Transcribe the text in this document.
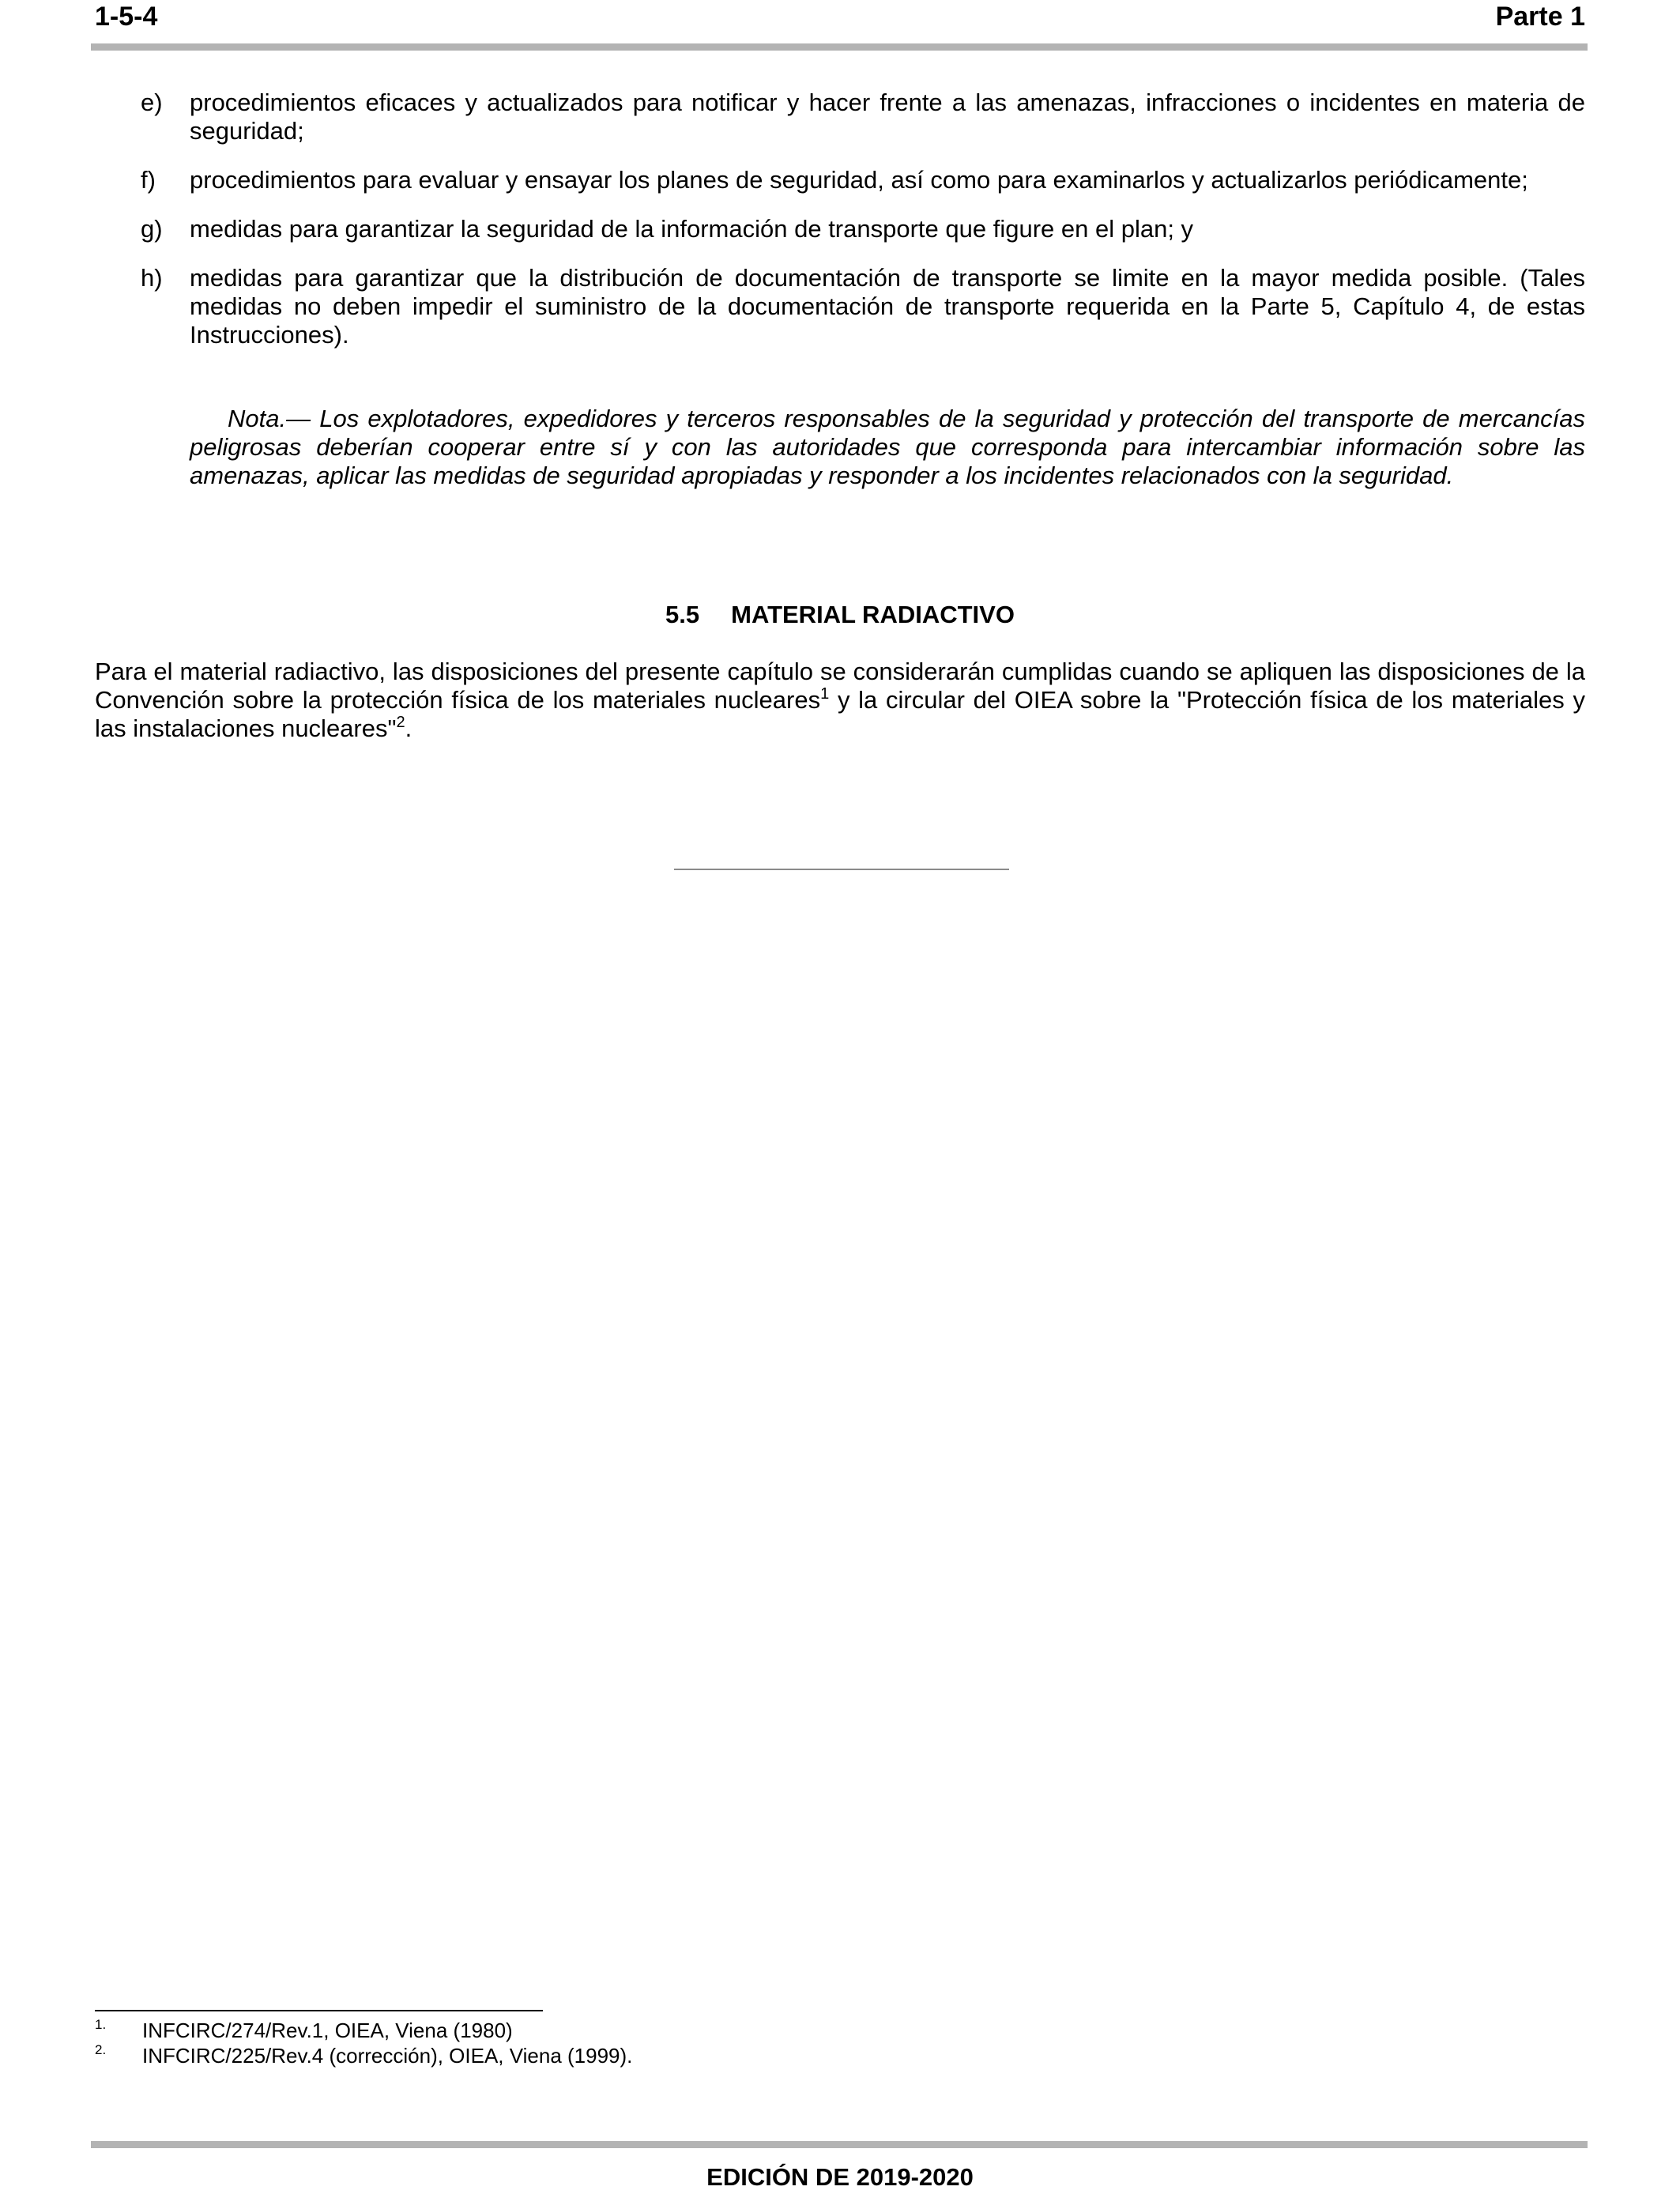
1-5-4	Parte 1
e)	procedimientos eficaces y actualizados para notificar y hacer frente a las amenazas, infracciones o incidentes en materia de seguridad;
f)	procedimientos para evaluar y ensayar los planes de seguridad, así como para examinarlos y actualizarlos periódicamente;
g)	medidas para garantizar la seguridad de la información de transporte que figure en el plan; y
h)	medidas para garantizar que la distribución de documentación de transporte se limite en la mayor medida posible. (Tales medidas no deben impedir el suministro de la documentación de transporte requerida en la Parte 5, Capítulo 4, de estas Instrucciones).
Nota.— Los explotadores, expedidores y terceros responsables de la seguridad y protección del transporte de mercancías peligrosas deberían cooperar entre sí y con las autoridades que corresponda para intercambiar información sobre las amenazas, aplicar las medidas de seguridad apropiadas y responder a los incidentes relacionados con la seguridad.
5.5 MATERIAL RADIACTIVO
Para el material radiactivo, las disposiciones del presente capítulo se considerarán cumplidas cuando se apliquen las disposiciones de la Convención sobre la protección física de los materiales nucleares$^1$ y la circular del OIEA sobre la "Protección física de los materiales y las instalaciones nucleares"$^2$.
1.	INFCIRC/274/Rev.1, OIEA, Viena (1980)
2.	INFCIRC/225/Rev.4 (corrección), OIEA, Viena (1999).
EDICIÓN DE 2019-2020
